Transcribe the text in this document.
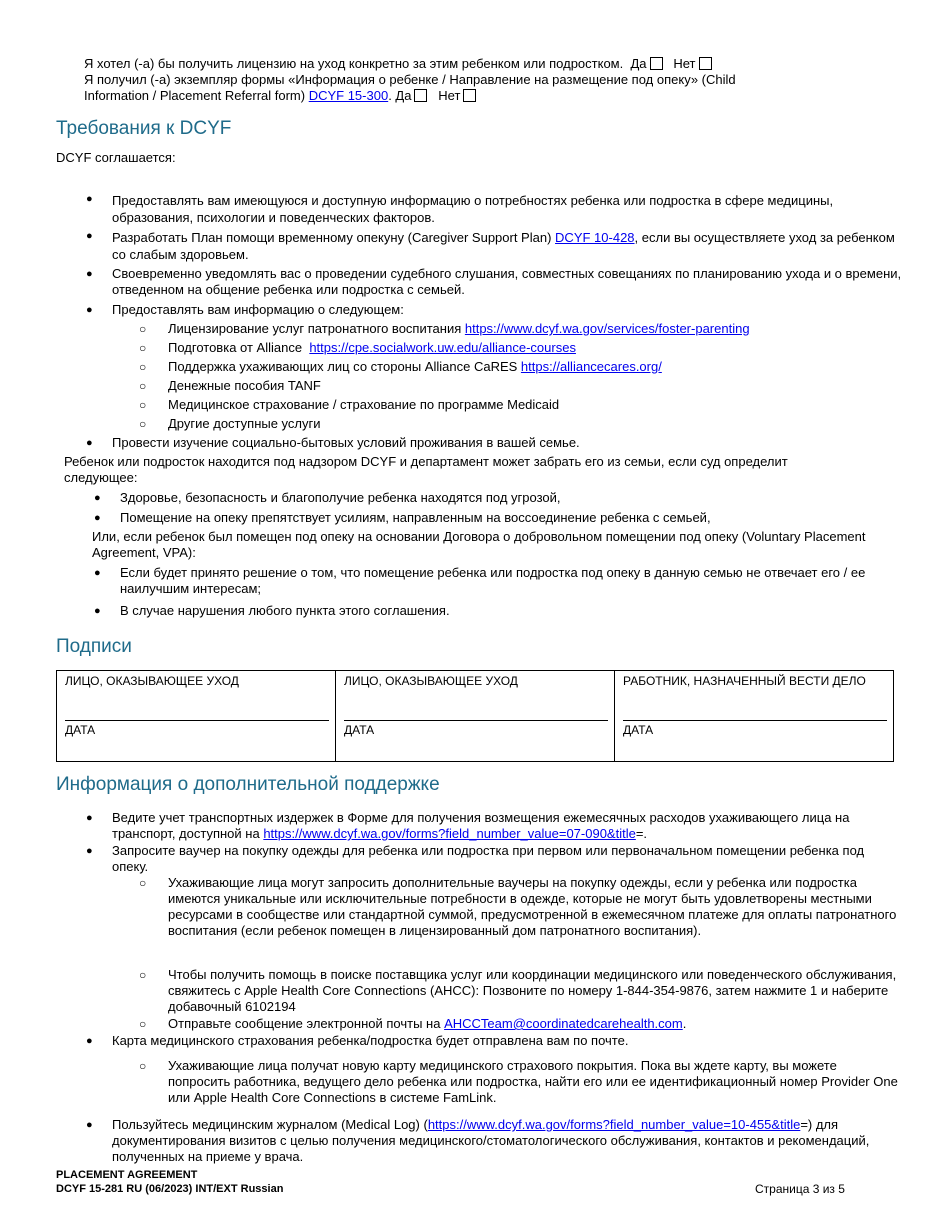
Я хотел (-а) бы получить лицензию на уход конкретно за этим ребенком или подростком. Да Нет
Я получил (-а) экземпляр формы «Информация о ребенке / Направление на размещение под опеку» (Child
Information / Placement Referral form) DCYF 15-300. Да Нет
Требования к DCYF
DCYF соглашается:
●	Предоставлять вам имеющуюся и доступную информацию о потребностях ребенка или подростка в сфере медицины, образования, психологии и поведенческих факторов.
●	Разработать План помощи временному опекуну (Caregiver Support Plan) DCYF 10-428, если вы осуществляете уход за ребенком со слабым здоровьем.
●	Своевременно уведомлять вас о проведении судебного слушания, совместных совещаниях по планированию ухода и о времени, отведенном на общение ребенка или подростка с семьей.
●	Предоставлять вам информацию о следующем:
○ Лицензирование услуг патронатного воспитания https://www.dcyf.wa.gov/services/foster-parenting
○ Подготовка от Alliance https://cpe.socialwork.uw.edu/alliance-courses
○ Поддержка ухаживающих лиц со стороны Alliance CaRES https://alliancecares.org/
○ Денежные пособия TANF
○ Медицинское страхование / страхование по программе Medicaid
○ Другие доступные услуги
●	Провести изучение социально-бытовых условий проживания в вашей семье.
Ребенок или подросток находится под надзором DCYF и департамент может забрать его из семьи, если суд определит следующее:
●	Здоровье, безопасность и благополучие ребенка находятся под угрозой,
●	Помещение на опеку препятствует усилиям, направленным на воссоединение ребенка с семьей,
Или, если ребенок был помещен под опеку на основании Договора о добровольном помещении под опеку (Voluntary Placement Agreement, VPA):
●	Если будет принято решение о том, что помещение ребенка или подростка под опеку в данную семью не отвечает его / ее наилучшим интересам;
●	В случае нарушения любого пункта этого соглашения.
Подписи
ЛИЦО, ОКАЗЫВАЮЩЕЕ УХОД
ДАТА

ЛИЦО, ОКАЗЫВАЮЩЕЕ УХОД
ДАТА

РАБОТНИК, НАЗНАЧЕННЫЙ ВЕСТИ ДЕЛО
ДАТА
Информация о дополнительной поддержке
●	Ведите учет транспортных издержек в Форме для получения возмещения ежемесячных расходов ухаживающего лица на транспорт, доступной на https://www.dcyf.wa.gov/forms?field_number_value=07-090&title=.
●	Запросите ваучер на покупку одежды для ребенка или подростка при первом или первоначальном помещении ребенка под опеку.
○ Ухаживающие лица могут запросить дополнительные ваучеры на покупку одежды, если у ребенка или подростка имеются уникальные или исключительные потребности в одежде, которые не могут быть удовлетворены местными ресурсами в сообществе или стандартной суммой, предусмотренной в ежемесячном платеже для оплаты патронатного воспитания (если ребенок помещен в лицензированный дом патронатного воспитания).
○ Чтобы получить помощь в поиске поставщика услуг или координации медицинского или поведенческого обслуживания, свяжитесь с Apple Health Core Connections (AHCC): Позвоните по номеру 1-844-354-9876, затем нажмите 1 и наберите добавочный 6102194
○ Отправьте сообщение электронной почты на AHCCTeam@coordinatedcarehealth.com.
●	Карта медицинского страхования ребенка/подростка будет отправлена вам по почте.
○ Ухаживающие лица получат новую карту медицинского страхового покрытия. Пока вы ждете карту, вы можете попросить работника, ведущего дело ребенка или подростка, найти его или ее идентификационный номер Provider One или Apple Health Core Connections в системе FamLink.
●	Пользуйтесь медицинским журналом (Medical Log) (https://www.dcyf.wa.gov/forms?field_number_value=10-455&title=) для документирования визитов с целью получения медицинского/стоматологического обслуживания, контактов и рекомендаций, полученных на приеме у врача.
PLACEMENT AGREEMENT
DCYF 15-281 RU (06/2023) INT/EXT Russian	Страница 3 из 5
